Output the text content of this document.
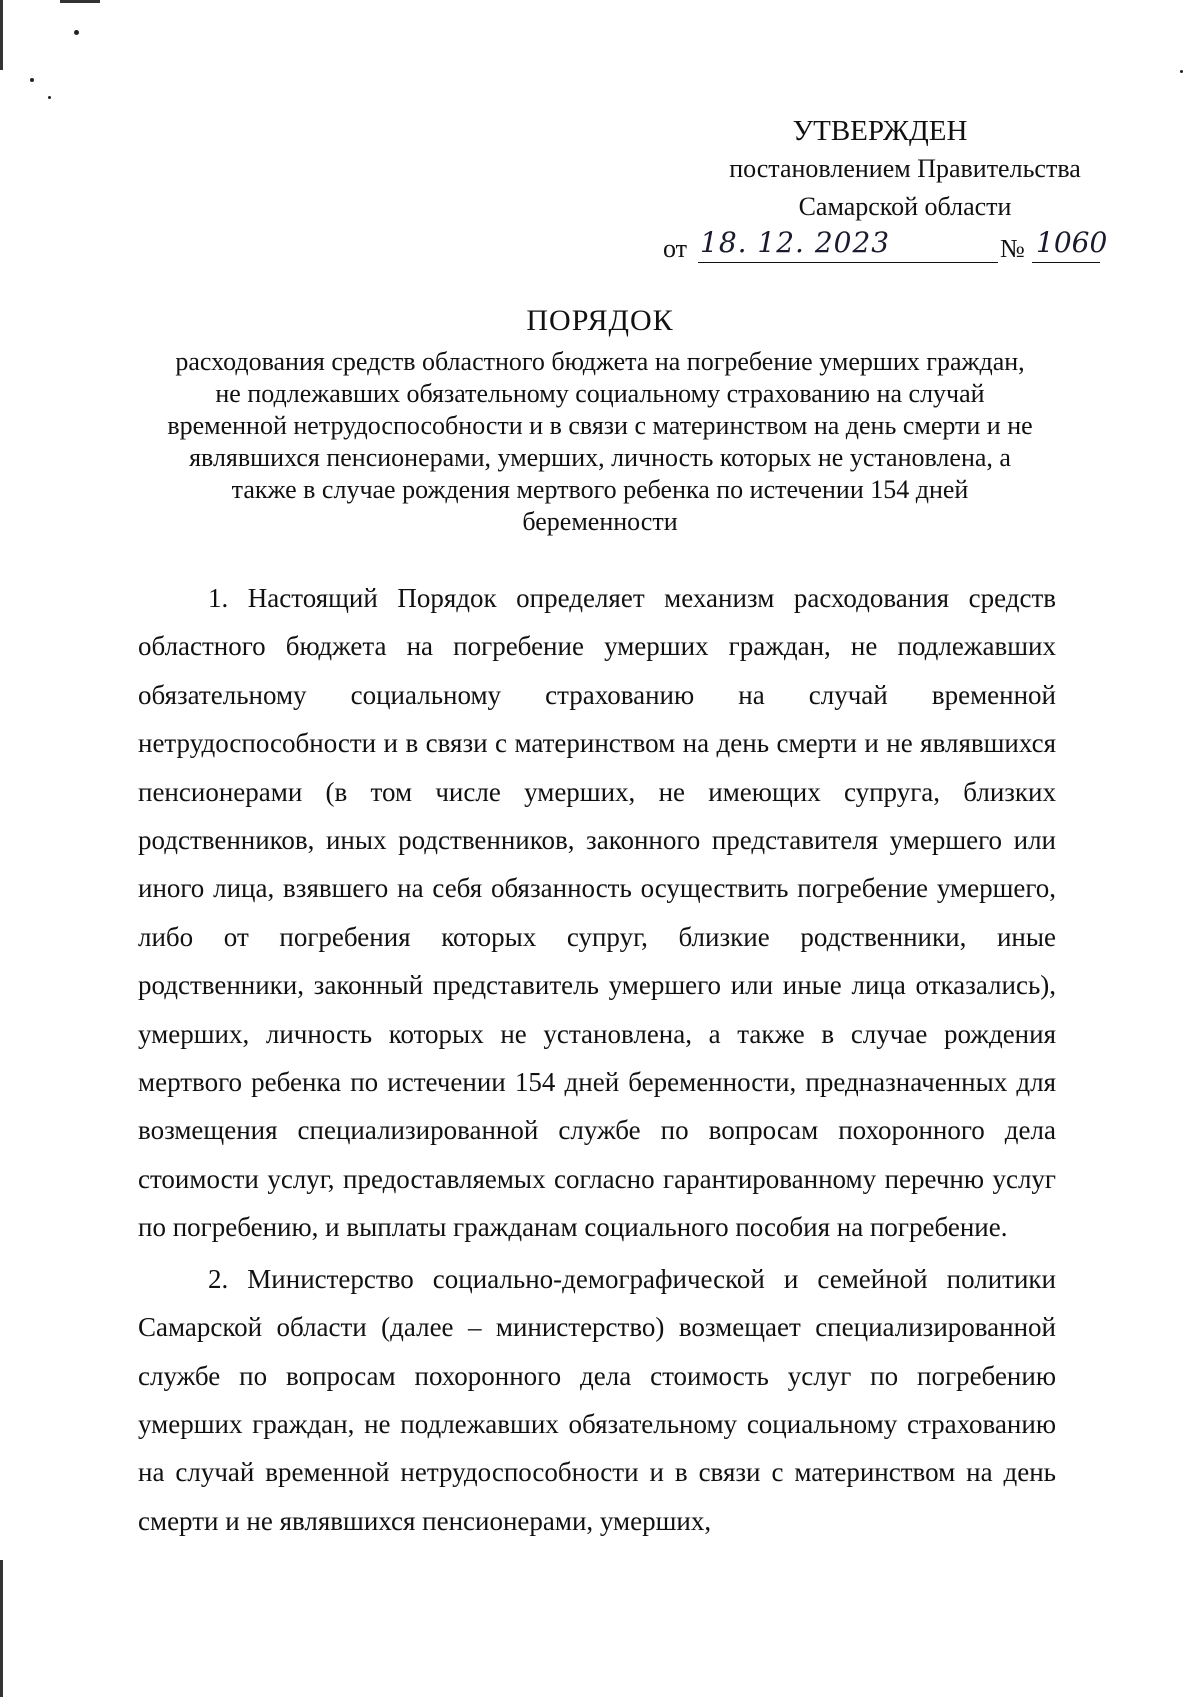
УТВЕРЖДЕН
постановлением Правительства
Самарской области
от 18. 12. 2023	№ 1060
ПОРЯДОК
расходования средств областного бюджета на погребение умерших граждан, не подлежавших обязательному социальному страхованию на случай временной нетрудоспособности и в связи с материнством на день смерти и не являвшихся пенсионерами, умерших, личность которых не установлена, а также в случае рождения мертвого ребенка по истечении 154 дней беременности

1. Настоящий Порядок определяет механизм расходования средств областного бюджета на погребение умерших граждан, не подлежавших обязательному социальному страхованию на случай временной нетрудоспособности и в связи с материнством на день смерти и не являвшихся пенсионерами (в том числе умерших, не имеющих супруга, близких родственников, иных родственников, законного представителя умершего или иного лица, взявшего на себя обязанность осуществить погребение умершего, либо от погребения которых супруг, близкие родственники, иные родственники, законный представитель умершего или иные лица отказались), умерших, личность которых не установлена, а также в случае рождения мертвого ребенка по истечении 154 дней беременности, предназначенных для возмещения специализированной службе по вопросам похоронного дела стоимости услуг, предоставляемых согласно гарантированному перечню услуг по погребению, и выплаты гражданам социального пособия на погребение.

2. Министерство социально-демографической и семейной политики Самарской области (далее – министерство) возмещает специализированной службе по вопросам похоронного дела стоимость услуг по погребению умерших граждан, не подлежавших обязательному социальному страхованию на случай временной нетрудоспособности и в связи с материнством на день смерти и не являвшихся пенсионерами, умерших,
